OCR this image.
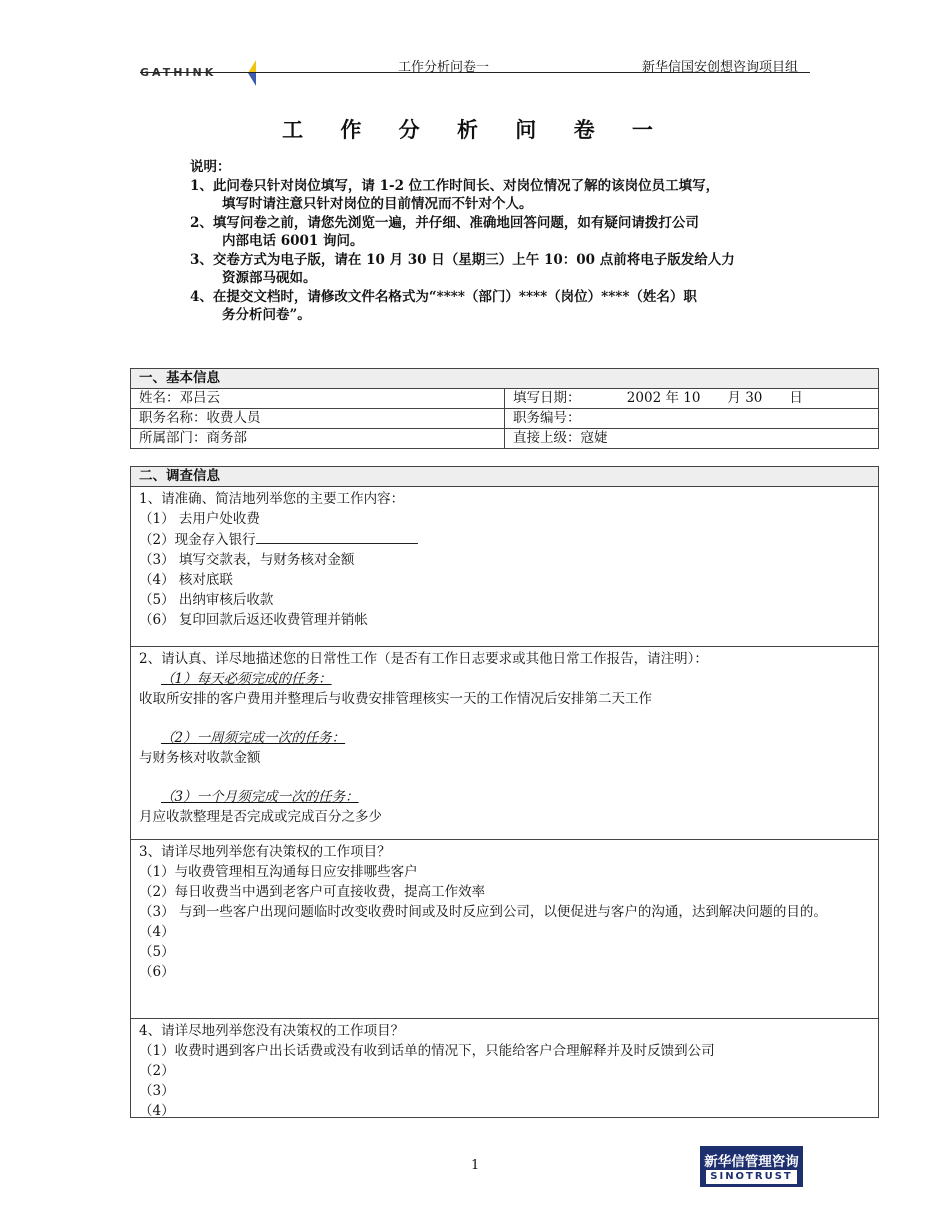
GATHINK	工作分析问卷一	新华信国安创想咨询项目组
工 作 分 析 问 卷 一
说明：
1、此问卷只针对岗位填写，请 1-2 位工作时间长、对岗位情况了解的该岗位员工填写，
填写时请注意只针对岗位的目前情况而不针对个人。
2、填写问卷之前，请您先浏览一遍，并仔细、准确地回答问题，如有疑问请拨打公司
内部电话 6001 询问。
3、交卷方式为电子版，请在 10 月 30 日（星期三）上午 10：00 点前将电子版发给人力
资源部马砚如。
4、在提交文档时，请修改文件名格式为“****（部门）****（岗位）****（姓名）职
务分析问卷”。
一、基本信息	
姓名：邓吕云	填写日期： 2002 年 10　　月 30　　日
职务名称：收费人员	职务编号：
所属部门：商务部	直接上级：寇婕
二、调查信息
1、请准确、简洁地列举您的主要工作内容：
（1） 去用户处收费
（2）现金存入银行
（3） 填写交款表，与财务核对金额
（4） 核对底联
（5） 出纳审核后收款
（6） 复印回款后返还收费管理并销帐
2、请认真、详尽地描述您的日常性工作（是否有工作日志要求或其他日常工作报告，请注明）：
（1）每天必须完成的任务：
收取所安排的客户费用并整理后与收费安排管理核实一天的工作情况后安排第二天工作
（2）一周须完成一次的任务：
与财务核对收款金额
（3）一个月须完成一次的任务：
月应收款整理是否完成或完成百分之多少
3、请详尽地列举您有决策权的工作项目？
（1）与收费管理相互沟通每日应安排哪些客户
（2）每日收费当中遇到老客户可直接收费，提高工作效率
（3） 与到一些客户出现问题临时改变收费时间或及时反应到公司，以便促进与客户的沟通，达到解决问题的目的。
（4）
（5）
（6）
4、请详尽地列举您没有决策权的工作项目？
（1）收费时遇到客户出长话费或没有收到话单的情况下，只能给客户合理解释并及时反馈到公司
（2）
（3）
（4）
1	新华信管理咨询
SINOTRUST
